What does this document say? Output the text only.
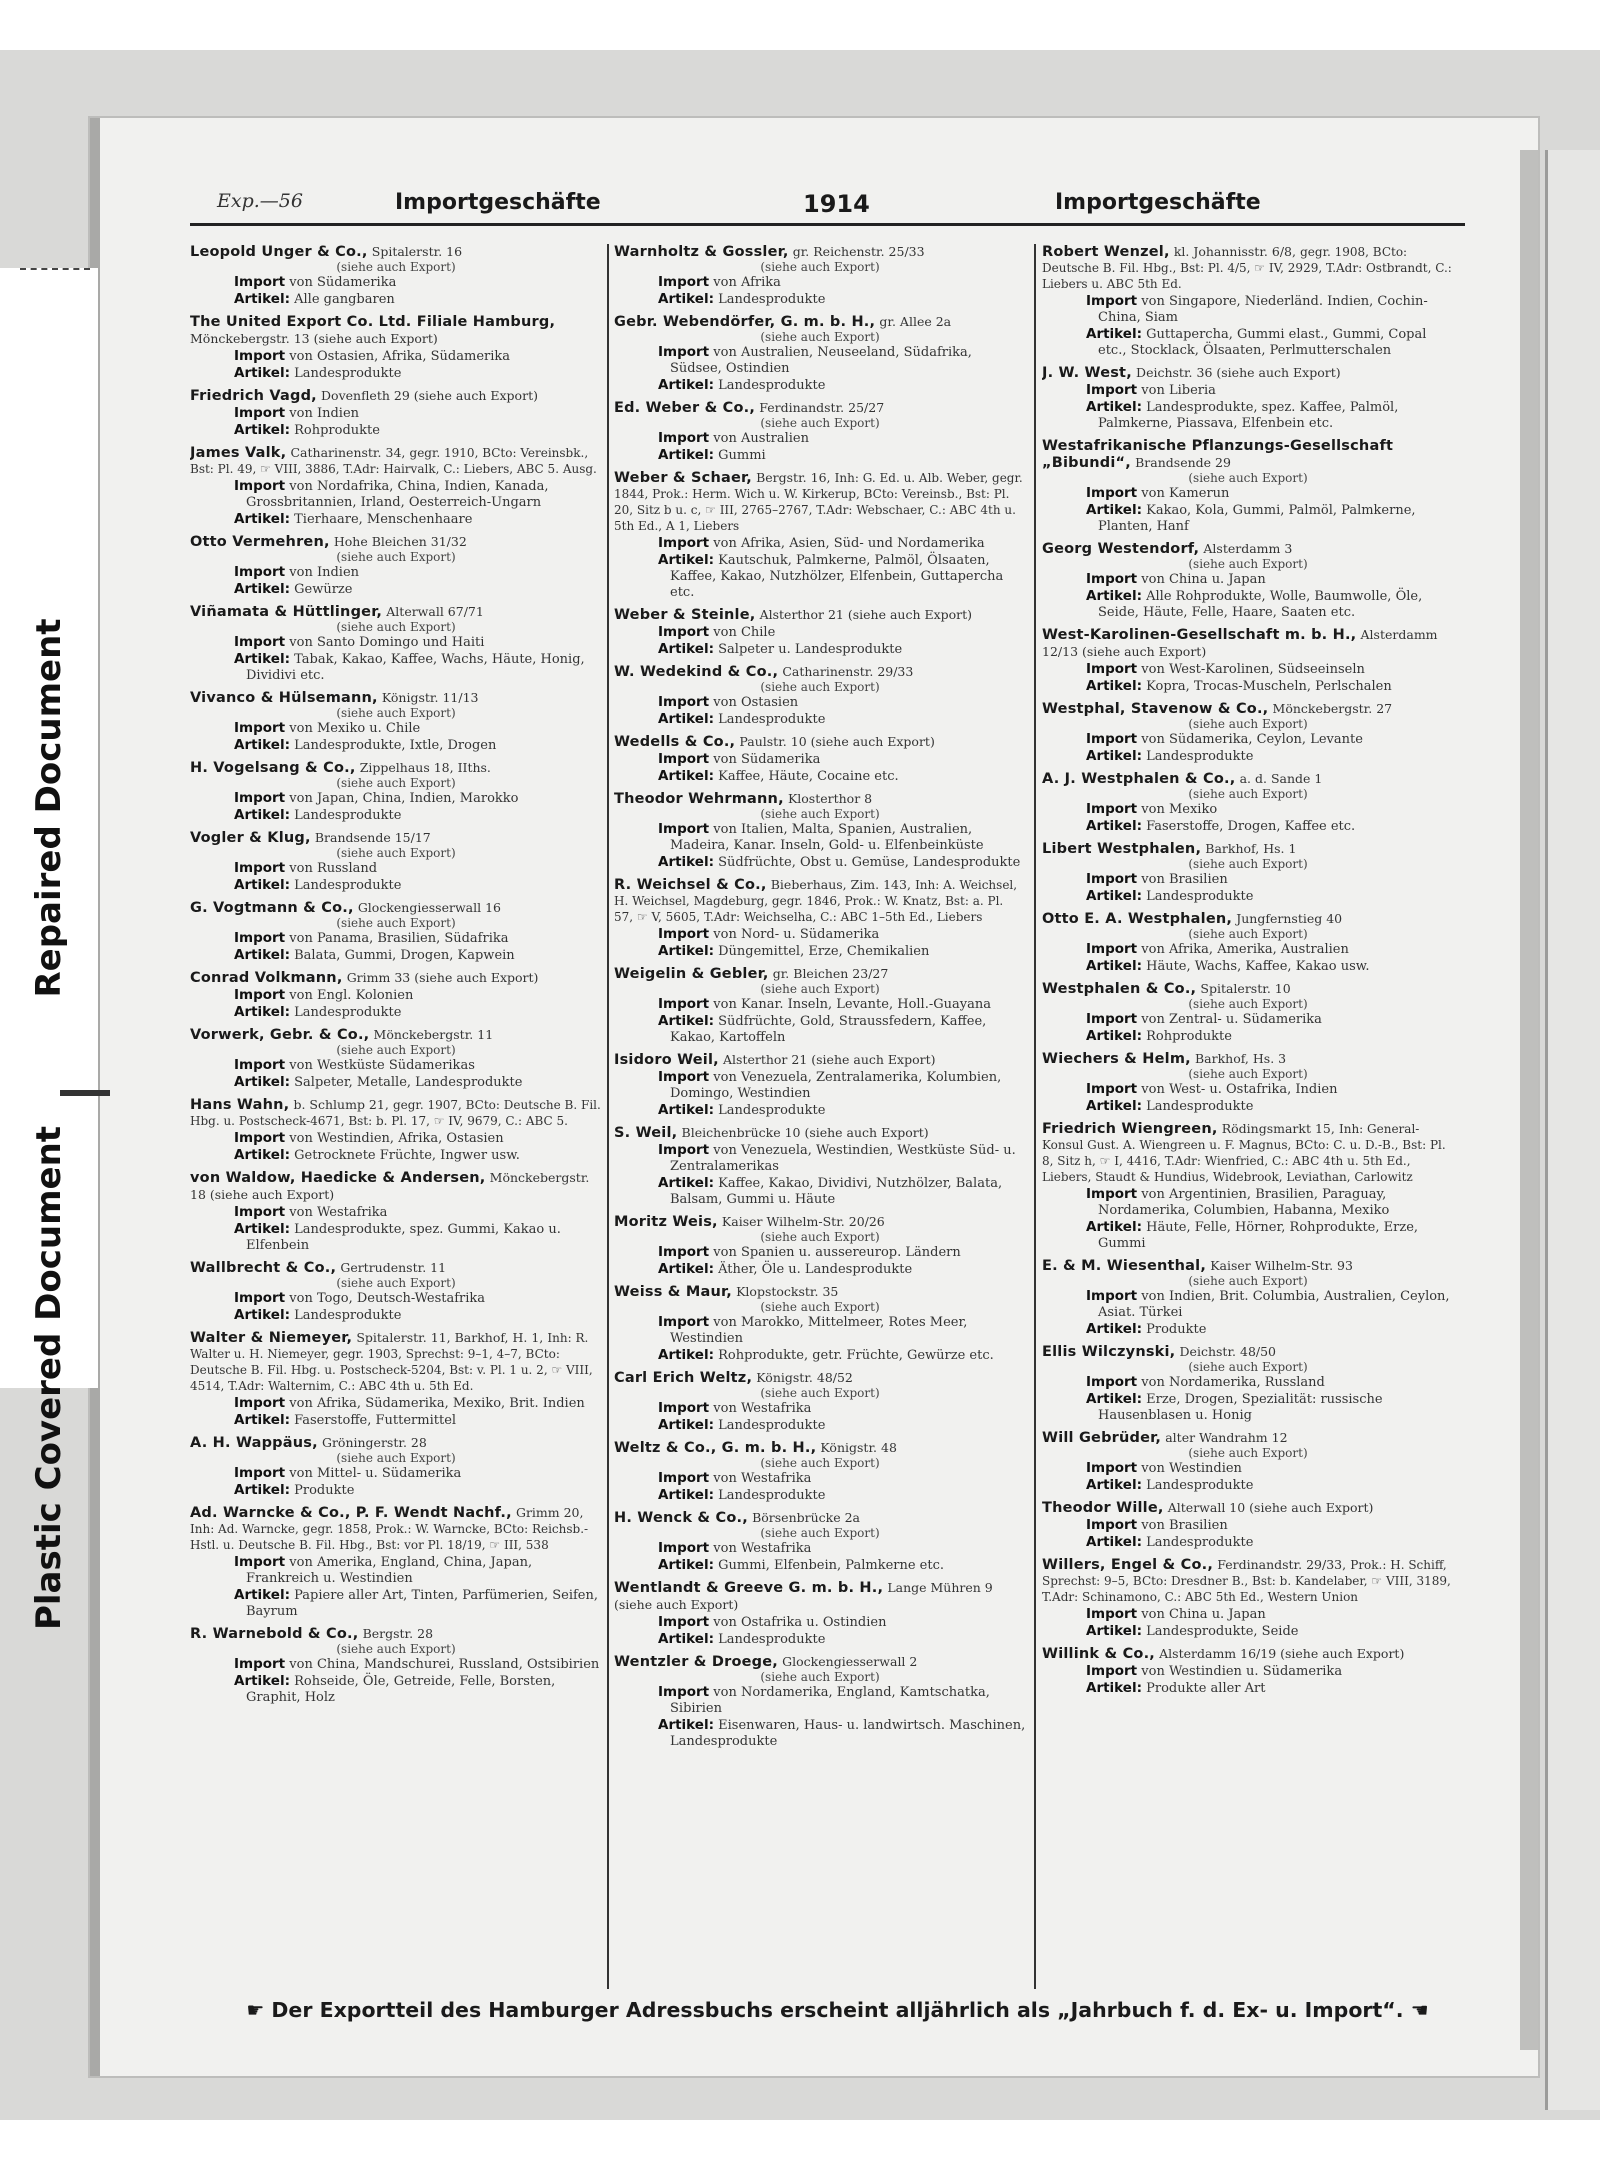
Repaired Document
Plastic Covered Document
Exp.—56	Importgeschäfte	1914	Importgeschäfte

Leopold Unger & Co., Spitalerstr. 16

(siehe auch Export)

Import von Südamerika

Artikel: Alle gangbaren

The United Export Co. Ltd. Filiale Hamburg, Mönckebergstr. 13 (siehe auch Export)

Import von Ostasien, Afrika, Südamerika

Artikel: Landesprodukte

Friedrich Vagd, Dovenfleth 29 (siehe auch Export)

Import von Indien

Artikel: Rohprodukte

James Valk, Catharinenstr. 34, gegr. 1910, BCto: Vereinsbk., Bst: Pl. 49, ☞ VIII, 3886, T.Adr: Hairvalk, C.: Liebers, ABC 5. Ausg.

Import von Nordafrika, China, Indien, Kanada, Grossbritannien, Irland, Oesterreich-Ungarn

Artikel: Tierhaare, Menschenhaare

Otto Vermehren, Hohe Bleichen 31/32

(siehe auch Export)

Import von Indien

Artikel: Gewürze

Viñamata & Hüttlinger, Alterwall 67/71

(siehe auch Export)

Import von Santo Domingo und Haiti

Artikel: Tabak, Kakao, Kaffee, Wachs, Häute, Honig, Dividivi etc.

Vivanco & Hülsemann, Königstr. 11/13

(siehe auch Export)

Import von Mexiko u. Chile

Artikel: Landesprodukte, Ixtle, Drogen

H. Vogelsang & Co., Zippelhaus 18, IIths.

(siehe auch Export)

Import von Japan, China, Indien, Marokko

Artikel: Landesprodukte

Vogler & Klug, Brandsende 15/17

(siehe auch Export)

Import von Russland

Artikel: Landesprodukte

G. Vogtmann & Co., Glockengiesserwall 16

(siehe auch Export)

Import von Panama, Brasilien, Südafrika

Artikel: Balata, Gummi, Drogen, Kapwein

Conrad Volkmann, Grimm 33 (siehe auch Export)

Import von Engl. Kolonien

Artikel: Landesprodukte

Vorwerk, Gebr. & Co., Mönckebergstr. 11

(siehe auch Export)

Import von Westküste Südamerikas

Artikel: Salpeter, Metalle, Landesprodukte

Hans Wahn, b. Schlump 21, gegr. 1907, BCto: Deutsche B. Fil. Hbg. u. Postscheck-4671, Bst: b. Pl. 17, ☞ IV, 9679, C.: ABC 5.

Import von Westindien, Afrika, Ostasien

Artikel: Getrocknete Früchte, Ingwer usw.

von Waldow, Haedicke & Andersen, Mönckebergstr. 18 (siehe auch Export)

Import von Westafrika

Artikel: Landesprodukte, spez. Gummi, Kakao u. Elfenbein

Wallbrecht & Co., Gertrudenstr. 11

(siehe auch Export)

Import von Togo, Deutsch-Westafrika

Artikel: Landesprodukte

Walter & Niemeyer, Spitalerstr. 11, Barkhof, H. 1, Inh: R. Walter u. H. Niemeyer, gegr. 1903, Sprechst: 9–1, 4–7, BCto: Deutsche B. Fil. Hbg. u. Postscheck-5204, Bst: v. Pl. 1 u. 2, ☞ VIII, 4514, T.Adr: Walternim, C.: ABC 4th u. 5th Ed.

Import von Afrika, Südamerika, Mexiko, Brit. Indien

Artikel: Faserstoffe, Futtermittel

A. H. Wappäus, Gröningerstr. 28

(siehe auch Export)

Import von Mittel- u. Südamerika

Artikel: Produkte

Ad. Warncke & Co., P. F. Wendt Nachf., Grimm 20, Inh: Ad. Warncke, gegr. 1858, Prok.: W. Warncke, BCto: Reichsb.-Hstl. u. Deutsche B. Fil. Hbg., Bst: vor Pl. 18/19, ☞ III, 538

Import von Amerika, England, China, Japan, Frankreich u. Westindien

Artikel: Papiere aller Art, Tinten, Parfümerien, Seifen, Bayrum

R. Warnebold & Co., Bergstr. 28

(siehe auch Export)

Import von China, Mandschurei, Russland, Ostsibirien

Artikel: Rohseide, Öle, Getreide, Felle, Borsten, Graphit, Holz

Warnholtz & Gossler, gr. Reichenstr. 25/33

(siehe auch Export)

Import von Afrika

Artikel: Landesprodukte

Gebr. Webendörfer, G. m. b. H., gr. Allee 2a

(siehe auch Export)

Import von Australien, Neuseeland, Südafrika, Südsee, Ostindien

Artikel: Landesprodukte

Ed. Weber & Co., Ferdinandstr. 25/27

(siehe auch Export)

Import von Australien

Artikel: Gummi

Weber & Schaer, Bergstr. 16, Inh: G. Ed. u. Alb. Weber, gegr. 1844, Prok.: Herm. Wich u. W. Kirkerup, BCto: Vereinsb., Bst: Pl. 20, Sitz b u. c, ☞ III, 2765–2767, T.Adr: Webschaer, C.: ABC 4th u. 5th Ed., A 1, Liebers

Import von Afrika, Asien, Süd- und Nordamerika

Artikel: Kautschuk, Palmkerne, Palmöl, Ölsaaten, Kaffee, Kakao, Nutzhölzer, Elfenbein, Guttapercha etc.

Weber & Steinle, Alsterthor 21 (siehe auch Export)

Import von Chile

Artikel: Salpeter u. Landesprodukte

W. Wedekind & Co., Catharinenstr. 29/33

(siehe auch Export)

Import von Ostasien

Artikel: Landesprodukte

Wedells & Co., Paulstr. 10 (siehe auch Export)

Import von Südamerika

Artikel: Kaffee, Häute, Cocaine etc.

Theodor Wehrmann, Klosterthor 8

(siehe auch Export)

Import von Italien, Malta, Spanien, Australien, Madeira, Kanar. Inseln, Gold- u. Elfenbeinküste

Artikel: Südfrüchte, Obst u. Gemüse, Landesprodukte

R. Weichsel & Co., Bieberhaus, Zim. 143, Inh: A. Weichsel, H. Weichsel, Magdeburg, gegr. 1846, Prok.: W. Knatz, Bst: a. Pl. 57, ☞ V, 5605, T.Adr: Weichselha, C.: ABC 1–5th Ed., Liebers

Import von Nord- u. Südamerika

Artikel: Düngemittel, Erze, Chemikalien

Weigelin & Gebler, gr. Bleichen 23/27

(siehe auch Export)

Import von Kanar. Inseln, Levante, Holl.-Guayana

Artikel: Südfrüchte, Gold, Straussfedern, Kaffee, Kakao, Kartoffeln

Isidoro Weil, Alsterthor 21 (siehe auch Export)

Import von Venezuela, Zentralamerika, Kolumbien, Domingo, Westindien

Artikel: Landesprodukte

S. Weil, Bleichenbrücke 10 (siehe auch Export)

Import von Venezuela, Westindien, Westküste Süd- u. Zentralamerikas

Artikel: Kaffee, Kakao, Dividivi, Nutzhölzer, Balata, Balsam, Gummi u. Häute

Moritz Weis, Kaiser Wilhelm-Str. 20/26

(siehe auch Export)

Import von Spanien u. aussereurop. Ländern

Artikel: Äther, Öle u. Landesprodukte

Weiss & Maur, Klopstockstr. 35

(siehe auch Export)

Import von Marokko, Mittelmeer, Rotes Meer, Westindien

Artikel: Rohprodukte, getr. Früchte, Gewürze etc.

Carl Erich Weltz, Königstr. 48/52

(siehe auch Export)

Import von Westafrika

Artikel: Landesprodukte

Weltz & Co., G. m. b. H., Königstr. 48

(siehe auch Export)

Import von Westafrika

Artikel: Landesprodukte

H. Wenck & Co., Börsenbrücke 2a

(siehe auch Export)

Import von Westafrika

Artikel: Gummi, Elfenbein, Palmkerne etc.

Wentlandt & Greeve G. m. b. H., Lange Mühren 9 (siehe auch Export)

Import von Ostafrika u. Ostindien

Artikel: Landesprodukte

Wentzler & Droege, Glockengiesserwall 2

(siehe auch Export)

Import von Nordamerika, England, Kamtschatka, Sibirien

Artikel: Eisenwaren, Haus- u. landwirtsch. Maschinen, Landesprodukte

Robert Wenzel, kl. Johannisstr. 6/8, gegr. 1908, BCto: Deutsche B. Fil. Hbg., Bst: Pl. 4/5, ☞ IV, 2929, T.Adr: Ostbrandt, C.: Liebers u. ABC 5th Ed.

Import von Singapore, Niederländ. Indien, Cochin-China, Siam

Artikel: Guttapercha, Gummi elast., Gummi, Copal etc., Stocklack, Ölsaaten, Perlmutterschalen

J. W. West, Deichstr. 36 (siehe auch Export)

Import von Liberia

Artikel: Landesprodukte, spez. Kaffee, Palmöl, Palmkerne, Piassava, Elfenbein etc.

Westafrikanische Pflanzungs-Gesellschaft „Bibundi“, Brandsende 29

(siehe auch Export)

Import von Kamerun

Artikel: Kakao, Kola, Gummi, Palmöl, Palmkerne, Planten, Hanf

Georg Westendorf, Alsterdamm 3

(siehe auch Export)

Import von China u. Japan

Artikel: Alle Rohprodukte, Wolle, Baumwolle, Öle, Seide, Häute, Felle, Haare, Saaten etc.

West-Karolinen-Gesellschaft m. b. H., Alsterdamm 12/13 (siehe auch Export)

Import von West-Karolinen, Südseeinseln

Artikel: Kopra, Trocas-Muscheln, Perlschalen

Westphal, Stavenow & Co., Mönckebergstr. 27

(siehe auch Export)

Import von Südamerika, Ceylon, Levante

Artikel: Landesprodukte

A. J. Westphalen & Co., a. d. Sande 1

(siehe auch Export)

Import von Mexiko

Artikel: Faserstoffe, Drogen, Kaffee etc.

Libert Westphalen, Barkhof, Hs. 1

(siehe auch Export)

Import von Brasilien

Artikel: Landesprodukte

Otto E. A. Westphalen, Jungfernstieg 40

(siehe auch Export)

Import von Afrika, Amerika, Australien

Artikel: Häute, Wachs, Kaffee, Kakao usw.

Westphalen & Co., Spitalerstr. 10

(siehe auch Export)

Import von Zentral- u. Südamerika

Artikel: Rohprodukte

Wiechers & Helm, Barkhof, Hs. 3

(siehe auch Export)

Import von West- u. Ostafrika, Indien

Artikel: Landesprodukte

Friedrich Wiengreen, Rödingsmarkt 15, Inh: General-Konsul Gust. A. Wiengreen u. F. Magnus, BCto: C. u. D.-B., Bst: Pl. 8, Sitz h, ☞ I, 4416, T.Adr: Wienfried, C.: ABC 4th u. 5th Ed., Liebers, Staudt & Hundius, Widebrook, Leviathan, Carlowitz

Import von Argentinien, Brasilien, Paraguay, Nordamerika, Columbien, Habanna, Mexiko

Artikel: Häute, Felle, Hörner, Rohprodukte, Erze, Gummi

E. & M. Wiesenthal, Kaiser Wilhelm-Str. 93

(siehe auch Export)

Import von Indien, Brit. Columbia, Australien, Ceylon, Asiat. Türkei

Artikel: Produkte

Ellis Wilczynski, Deichstr. 48/50

(siehe auch Export)

Import von Nordamerika, Russland

Artikel: Erze, Drogen, Spezialität: russische Hausenblasen u. Honig

Will Gebrüder, alter Wandrahm 12

(siehe auch Export)

Import von Westindien

Artikel: Landesprodukte

Theodor Wille, Alterwall 10 (siehe auch Export)

Import von Brasilien

Artikel: Landesprodukte

Willers, Engel & Co., Ferdinandstr. 29/33, Prok.: H. Schiff, Sprechst: 9–5, BCto: Dresdner B., Bst: b. Kandelaber, ☞ VIII, 3189, T.Adr: Schinamono, C.: ABC 5th Ed., Western Union

Import von China u. Japan

Artikel: Landesprodukte, Seide

Willink & Co., Alsterdamm 16/19 (siehe auch Export)

Import von Westindien u. Südamerika

Artikel: Produkte aller Art

☛ Der Exportteil des Hamburger Adressbuchs erscheint alljährlich als „Jahrbuch f. d. Ex- u. Import“. ☚
